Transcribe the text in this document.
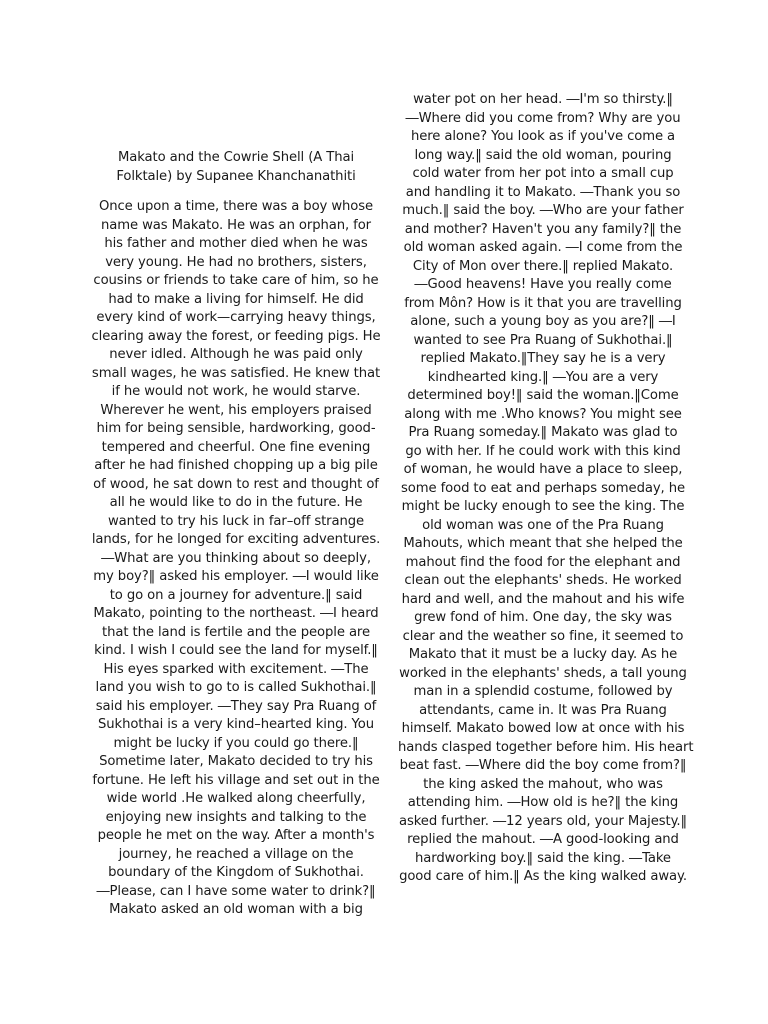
Makato and the Cowrie Shell (A Thai
Folktale) by Supanee Khanchanathiti

Once upon a time, there was a boy whose
name was Makato. He was an orphan, for
his father and mother died when he was
very young. He had no brothers, sisters,
cousins or friends to take care of him, so he
had to make a living for himself. He did
every kind of work—carrying heavy things,
clearing away the forest, or feeding pigs. He
never idled. Although he was paid only
small wages, he was satisfied. He knew that
if he would not work, he would starve.
Wherever he went, his employers praised
him for being sensible, hardworking, good-
tempered and cheerful. One fine evening
after he had finished chopping up a big pile
of wood, he sat down to rest and thought of
all he would like to do in the future. He
wanted to try his luck in far–off strange
lands, for he longed for exciting adventures.
―What are you thinking about so deeply,
my boy?‖ asked his employer. ―I would like
to go on a journey for adventure.‖ said
Makato, pointing to the northeast. ―I heard
that the land is fertile and the people are
kind. I wish I could see the land for myself.‖
His eyes sparked with excitement. ―The
land you wish to go to is called Sukhothai.‖
said his employer. ―They say Pra Ruang of
Sukhothai is a very kind–hearted king. You
might be lucky if you could go there.‖
Sometime later, Makato decided to try his
fortune. He left his village and set out in the
wide world .He walked along cheerfully,
enjoying new insights and talking to the
people he met on the way. After a month's
journey, he reached a village on the
boundary of the Kingdom of Sukhothai.
―Please, can I have some water to drink?‖
Makato asked an old woman with a big

water pot on her head. ―I'm so thirsty.‖
―Where did you come from? Why are you
here alone? You look as if you've come a
long way.‖ said the old woman, pouring
cold water from her pot into a small cup
and handling it to Makato. ―Thank you so
much.‖ said the boy. ―Who are your father
and mother? Haven't you any family?‖ the
old woman asked again. ―I come from the
City of Mon over there.‖ replied Makato.
―Good heavens! Have you really come
from Môn? How is it that you are travelling
alone, such a young boy as you are?‖ ―I
wanted to see Pra Ruang of Sukhothai.‖
replied Makato.‖They say he is a very
kindhearted king.‖ ―You are a very
determined boy!‖ said the woman.‖Come
along with me .Who knows? You might see
Pra Ruang someday.‖ Makato was glad to
go with her. If he could work with this kind
of woman, he would have a place to sleep,
some food to eat and perhaps someday, he
might be lucky enough to see the king. The
old woman was one of the Pra Ruang
Mahouts, which meant that she helped the
mahout find the food for the elephant and
clean out the elephants' sheds. He worked
hard and well, and the mahout and his wife
grew fond of him. One day, the sky was
clear and the weather so fine, it seemed to
Makato that it must be a lucky day. As he
worked in the elephants' sheds, a tall young
man in a splendid costume, followed by
attendants, came in. It was Pra Ruang
himself. Makato bowed low at once with his
hands clasped together before him. His heart
beat fast. ―Where did the boy come from?‖
the king asked the mahout, who was
attending him. ―How old is he?‖ the king
asked further. ―12 years old, your Majesty.‖
replied the mahout. ―A good-looking and
hardworking boy.‖ said the king. ―Take
good care of him.‖ As the king walked away.
